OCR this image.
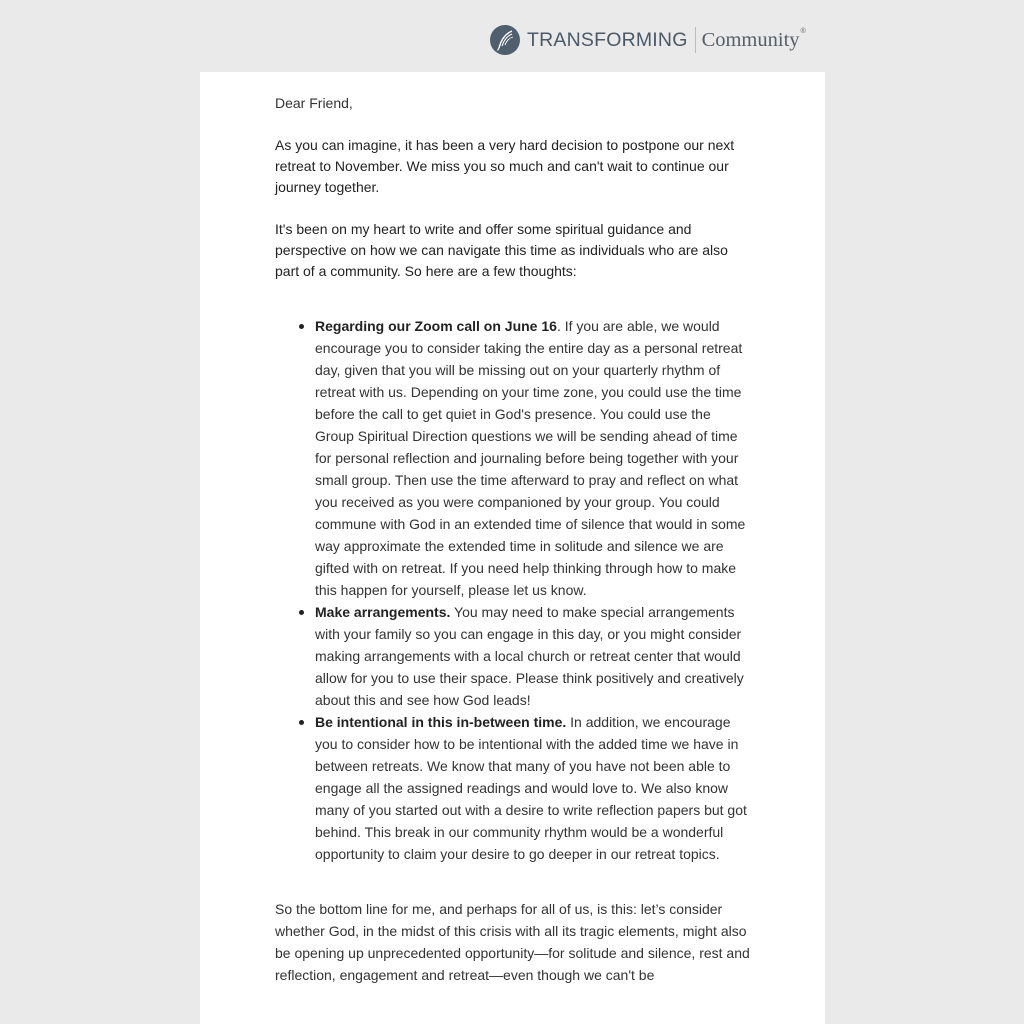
TRANSFORMING Community ®

Dear Friend,

As you can imagine, it has been a very hard decision to postpone our next retreat to November. We miss you so much and can't wait to continue our journey together.

It's been on my heart to write and offer some spiritual guidance and perspective on how we can navigate this time as individuals who are also part of a community. So here are a few thoughts:

Regarding our Zoom call on June 16. If you are able, we would encourage you to consider taking the entire day as a personal retreat day, given that you will be missing out on your quarterly rhythm of retreat with us. Depending on your time zone, you could use the time before the call to get quiet in God's presence. You could use the Group Spiritual Direction questions we will be sending ahead of time for personal reflection and journaling before being together with your small group. Then use the time afterward to pray and reflect on what you received as you were companioned by your group. You could commune with God in an extended time of silence that would in some way approximate the extended time in solitude and silence we are gifted with on retreat. If you need help thinking through how to make this happen for yourself, please let us know.
Make arrangements. You may need to make special arrangements with your family so you can engage in this day, or you might consider making arrangements with a local church or retreat center that would allow for you to use their space. Please think positively and creatively about this and see how God leads!
Be intentional in this in-between time. In addition, we encourage you to consider how to be intentional with the added time we have in between retreats. We know that many of you have not been able to engage all the assigned readings and would love to. We also know many of you started out with a desire to write reflection papers but got behind. This break in our community rhythm would be a wonderful opportunity to claim your desire to go deeper in our retreat topics.

So the bottom line for me, and perhaps for all of us, is this: let’s consider whether God, in the midst of this crisis with all its tragic elements, might also be opening up unprecedented opportunity—for solitude and silence, rest and reflection, engagement and retreat—even though we can't be
